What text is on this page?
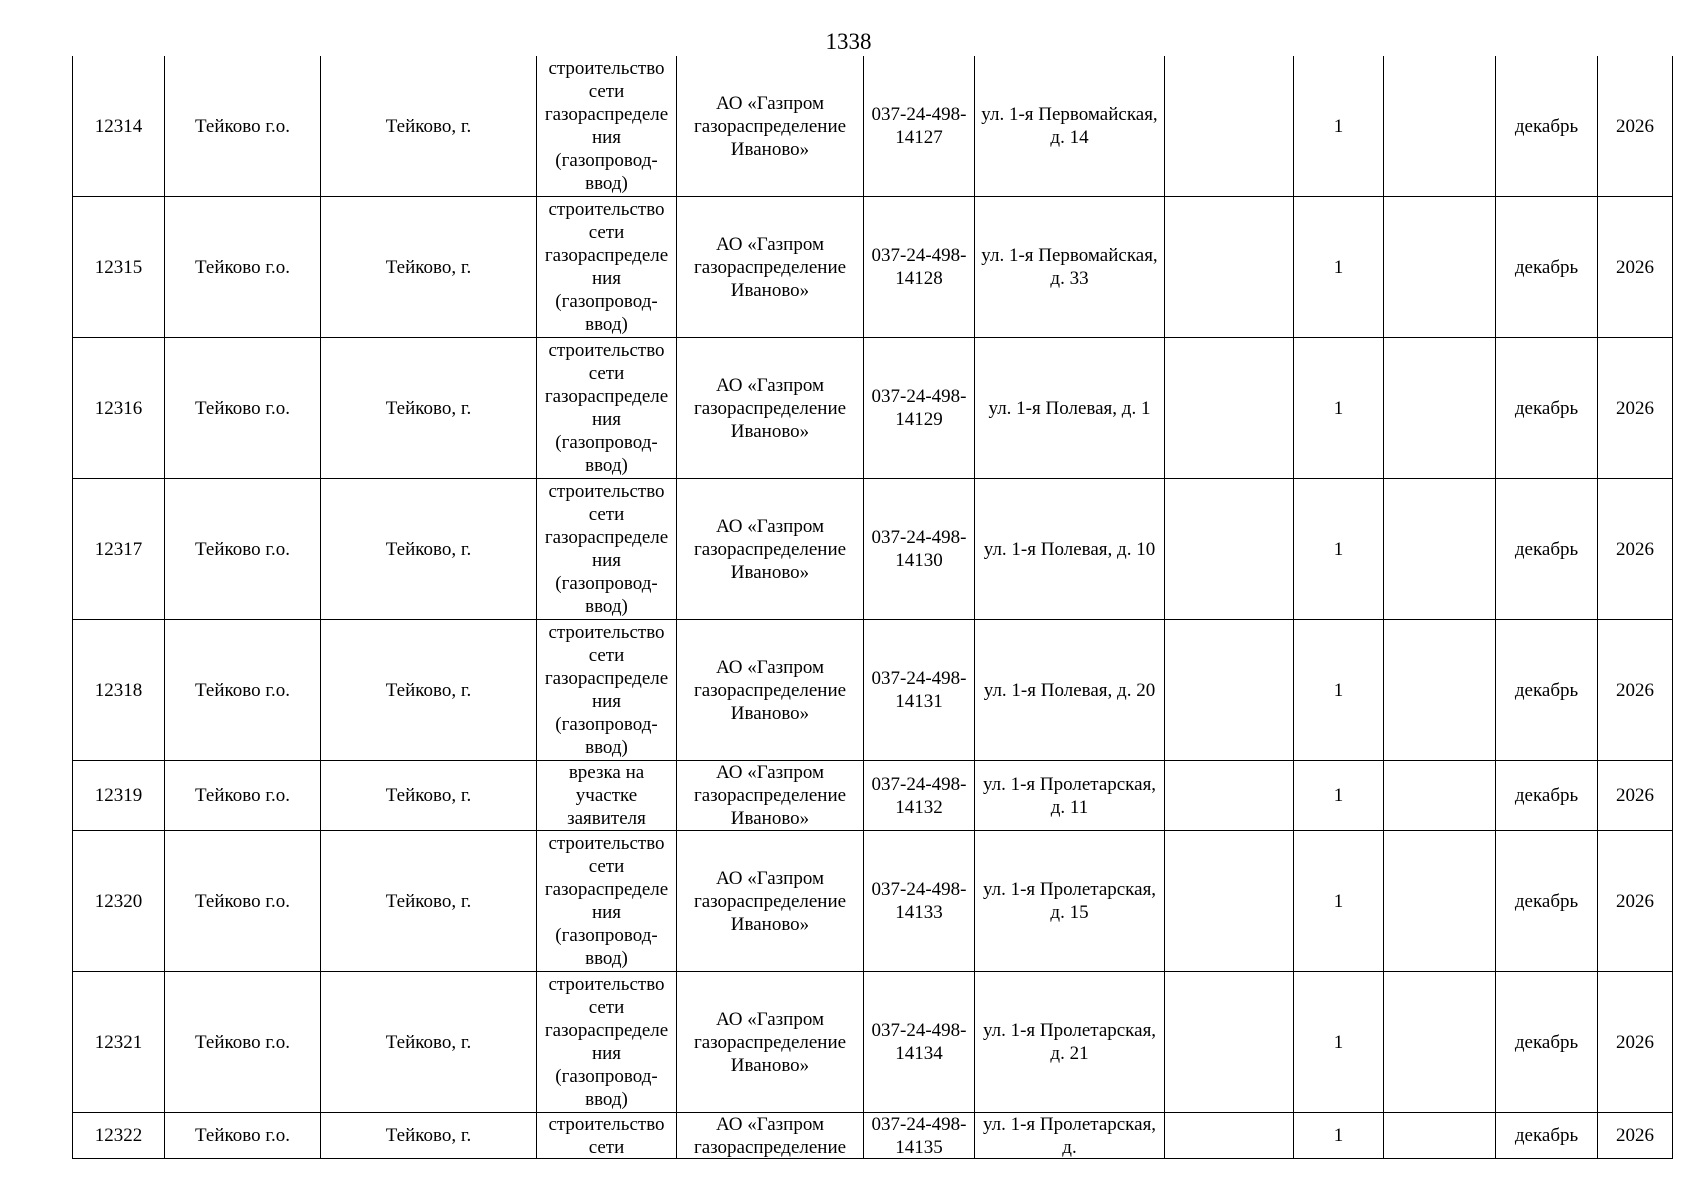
1338
12314	Тейково г.о.	Тейково, г.	строительство сети газораспределения (газопровод-ввод)	АО «Газпром газораспределение Иваново»	037-24-498-14127	ул. 1-я Первомайская, д. 14		1		декабрь	2026
12315	Тейково г.о.	Тейково, г.	строительство сети газораспределения (газопровод-ввод)	АО «Газпром газораспределение Иваново»	037-24-498-14128	ул. 1-я Первомайская, д. 33		1		декабрь	2026
12316	Тейково г.о.	Тейково, г.	строительство сети газораспределения (газопровод-ввод)	АО «Газпром газораспределение Иваново»	037-24-498-14129	ул. 1-я Полевая, д. 1		1		декабрь	2026
12317	Тейково г.о.	Тейково, г.	строительство сети газораспределения (газопровод-ввод)	АО «Газпром газораспределение Иваново»	037-24-498-14130	ул. 1-я Полевая, д. 10		1		декабрь	2026
12318	Тейково г.о.	Тейково, г.	строительство сети газораспределения (газопровод-ввод)	АО «Газпром газораспределение Иваново»	037-24-498-14131	ул. 1-я Полевая, д. 20		1		декабрь	2026
12319	Тейково г.о.	Тейково, г.	врезка на участке заявителя	АО «Газпром газораспределение Иваново»	037-24-498-14132	ул. 1-я Пролетарская, д. 11		1		декабрь	2026
12320	Тейково г.о.	Тейково, г.	строительство сети газораспределения (газопровод-ввод)	АО «Газпром газораспределение Иваново»	037-24-498-14133	ул. 1-я Пролетарская, д. 15		1		декабрь	2026
12321	Тейково г.о.	Тейково, г.	строительство сети газораспределения (газопровод-ввод)	АО «Газпром газораспределение Иваново»	037-24-498-14134	ул. 1-я Пролетарская, д. 21		1		декабрь	2026
12322	Тейково г.о.	Тейково, г.	строительство сети	АО «Газпром газораспределение	037-24-498-14135	ул. 1-я Пролетарская, д.		1		декабрь	2026
